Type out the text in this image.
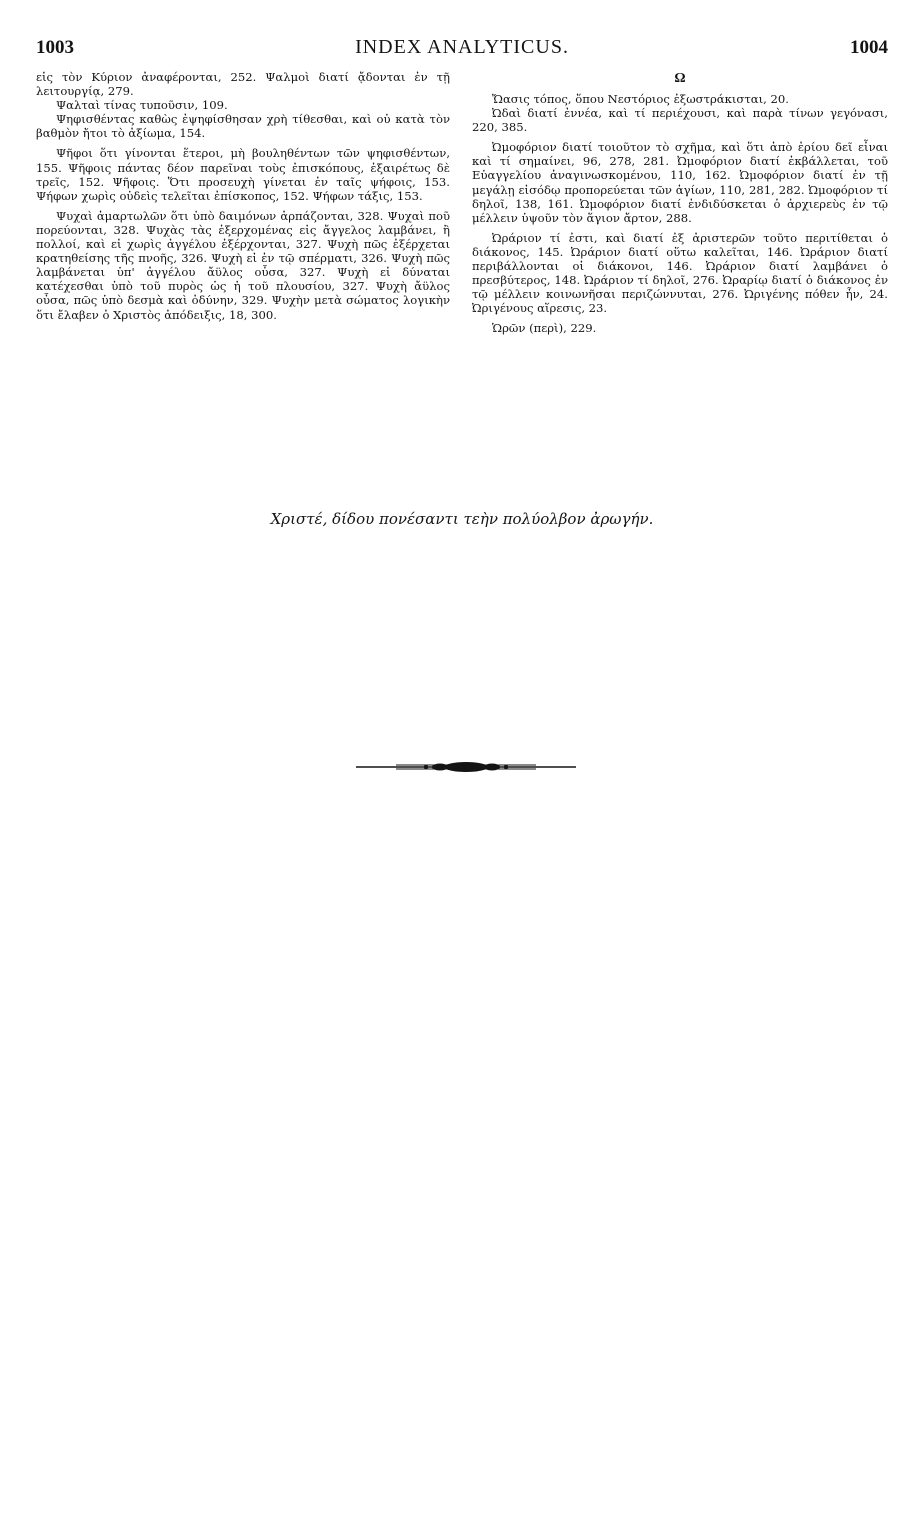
1003	INDEX ANALYTICUS.	1004

εἰς τὸν Κύριον ἀναφέρονται, 252. Ψαλμοὶ διατί ᾄδονται ἐν τῇ λειτουργίᾳ, 279.

Ψαλταὶ τίνας τυποῦσιν, 109.

Ψηφισθέντας καθὼς ἐψηφίσθησαν χρὴ τίθεσθαι, καὶ οὐ κατὰ τὸν βαθμὸν ἤτοι τὸ ἀξίωμα, 154.

Ψῆφοι ὅτι γίνονται ἕτεροι, μὴ βουληθέντων τῶν ψηφισθέντων, 155. Ψῆφοις πάντας δέον παρεῖναι τοὺς ἐπισκόπους, ἐξαιρέτως δὲ τρεῖς, 152. Ψῆφοις. Ὅτι προσευχὴ γίνεται ἐν ταῖς ψήφοις, 153. Ψήφων χωρὶς οὐδεὶς τελεῖται ἐπίσκοπος, 152. Ψήφων τάξις, 153.

Ψυχαὶ ἁμαρτωλῶν ὅτι ὑπὸ δαιμόνων ἁρπάζονται, 328. Ψυχαὶ ποῦ πορεύονται, 328. Ψυχὰς τὰς ἐξερχομένας εἰς ἄγγελος λαμβάνει, ἢ πολλοί, καὶ εἰ χωρὶς ἀγγέλου ἐξέρχονται, 327. Ψυχὴ πῶς ἐξέρχεται κρατηθείσης τῆς πνοῆς, 326. Ψυχὴ εἰ ἐν τῷ σπέρματι, 326. Ψυχὴ πῶς λαμβάνεται ὑπ' ἀγγέλου ἄϋλος οὖσα, 327. Ψυχὴ εἰ δύναται κατέχεσθαι ὑπὸ τοῦ πυρὸς ὡς ἡ τοῦ πλουσίου, 327. Ψυχὴ ἄϋλος οὖσα, πῶς ὑπὸ δεσμὰ καὶ ὀδύνην, 329. Ψυχὴν μετὰ σώματος λογικὴν ὅτι ἔλαβεν ὁ Χριστὸς ἀπόδειξις, 18, 300.

Ω

Ὤασις τόπος, ὅπου Νεστόριος ἐξωστράκισται, 20.

Ὠδαὶ διατί ἐννέα, καὶ τί περιέχουσι, καὶ παρὰ τίνων γεγόνασι, 220, 385.

Ὠμοφόριον διατί τοιοῦτον τὸ σχῆμα, καὶ ὅτι ἀπὸ ἐρίου δεῖ εἶναι καὶ τί σημαίνει, 96, 278, 281. Ὠμοφόριον διατί ἐκβάλλεται, τοῦ Εὐαγγελίου ἀναγινωσκομένου, 110, 162. Ὠμοφόριον διατί ἐν τῇ μεγάλῃ εἰσόδῳ προπορεύεται τῶν ἁγίων, 110, 281, 282. Ὠμοφόριον τί δηλοῖ, 138, 161. Ὠμοφόριον διατί ἐνδιδύσκεται ὁ ἀρχιερεὺς ἐν τῷ μέλλειν ὑψοῦν τὸν ἅγιον ἄρτον, 288.

Ὠράριον τί ἐστι, καὶ διατί ἐξ ἀριστερῶν τοῦτο περιτίθεται ὁ διάκονος, 145. Ὠράριον διατί οὕτω καλεῖται, 146. Ὠράριον διατί περιβάλλονται οἱ διάκονοι, 146. Ὠράριον διατί λαμβάνει ὁ πρεσβύτερος, 148. Ὠράριον τί δηλοῖ, 276. Ὠραρίῳ διατί ὁ διάκονος ἐν τῷ μέλλειν κοινωνῆσαι περιζώννυται, 276. Ὠριγένης πόθεν ἦν, 24. Ὠριγένους αἵρεσις, 23.

Ὡρῶν (περὶ), 229.

Χριστέ, δίδου πονέσαντι τεὴν πολύολβον ἀρωγήν.
